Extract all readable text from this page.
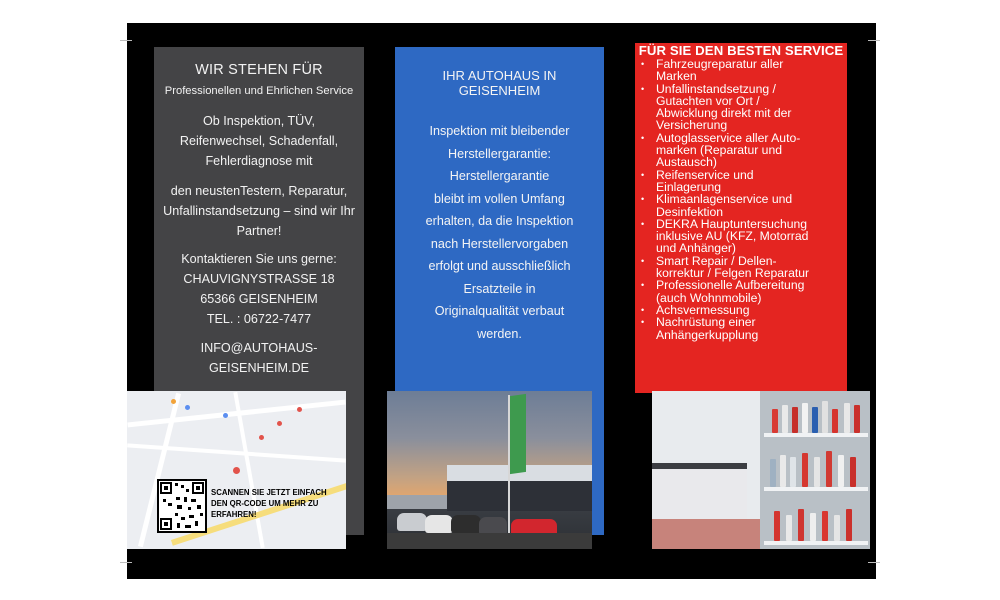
WIR STEHEN FÜR
Professionellen und Ehrlichen Service

Ob Inspektion, TÜV,

Reifenwechsel, Schadenfall,

Fehlerdiagnose mit

den neustenTestern, Reparatur,

Unfallinstandsetzung – sind wir Ihr

Partner!

Kontaktieren Sie uns gerne:

CHAUVIGNYSTRASSE 18

65366 GEISENHEIM

TEL. : 06722-7477

INFO@AUTOHAUS-

GEISENHEIM.DE

IHR AUTOHAUS IN
GEISENHEIM
Inspektion mit bleibender
Herstellergarantie:
Herstellergarantie
bleibt im vollen Umfang
erhalten, da die Inspektion
nach Herstellervorgaben
erfolgt und ausschließlich
Ersatzteile in
Originalqualität verbaut
werden.
FÜR SIE DEN BESTEN SERVICE
• Fahrzeugreparatur aller
Marken
• Unfallinstandsetzung /
Gutachten vor Ort /
Abwicklung direkt mit der
Versicherung
• Autoglasservice aller Auto-
marken (Reparatur und
Austausch)
• Reifenservice und
Einlagerung
• Klimaanlagenservice und
Desinfektion
• DEKRA Hauptuntersuchung
inklusive AU (KFZ, Motorrad
und Anhänger)
• Smart Repair / Dellen-
korrektur / Felgen Reparatur
• Professionelle Aufbereitung
(auch Wohnmobile)
• Achsvermessung
• Nachrüstung einer
Anhängerkupplung
SCANNEN SIE JETZT EINFACH
DEN QR-CODE UM MEHR ZU
ERFAHREN!
